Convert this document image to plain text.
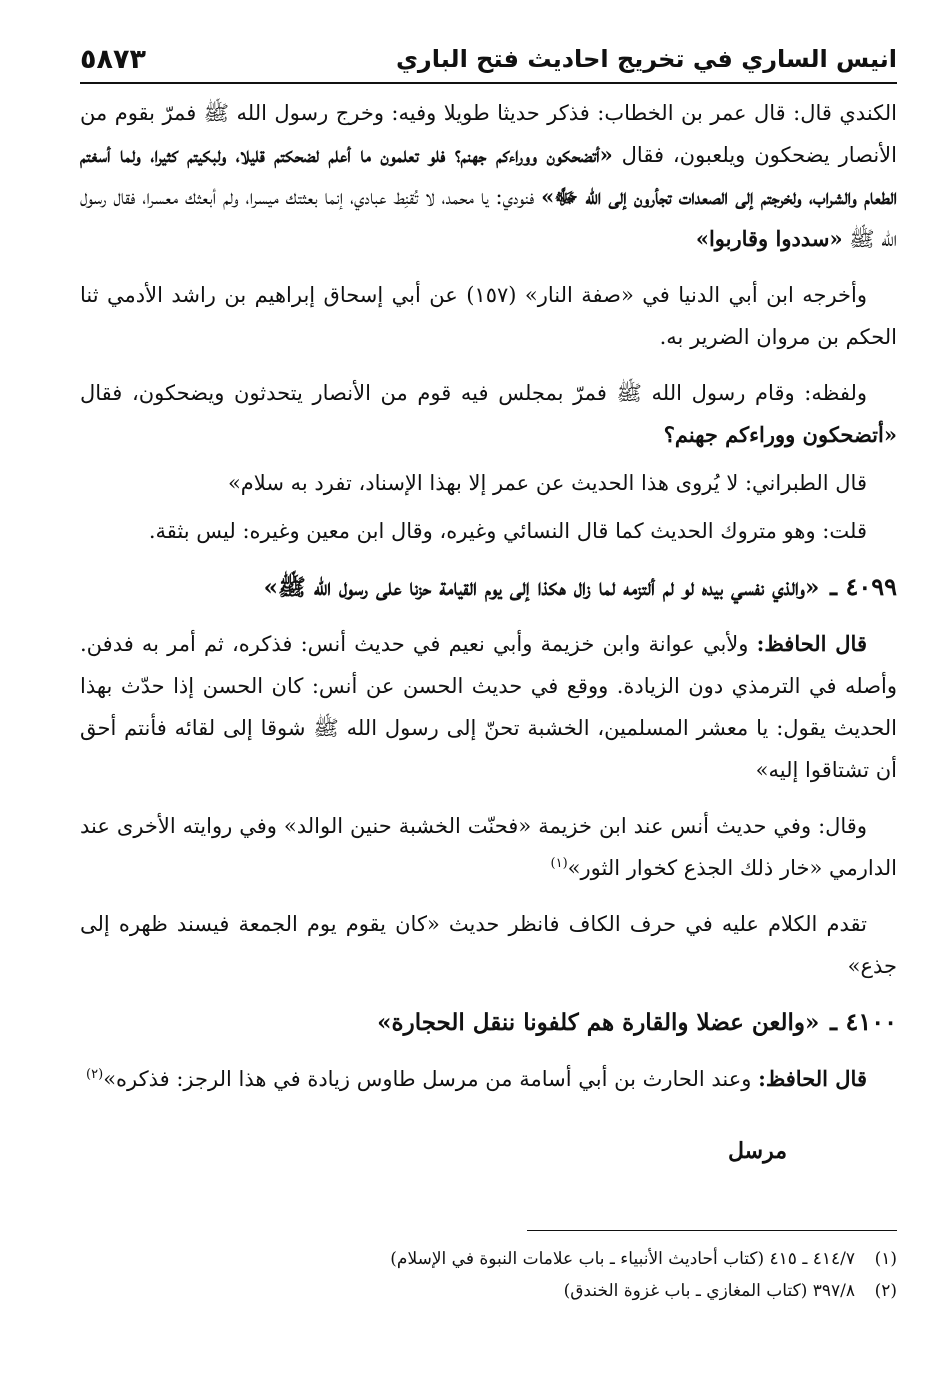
انيس الساري في تخريج احاديث فتح الباري
٥٨٧٣

الكندي قال: قال عمر بن الخطاب: فذكر حديثا طويلا وفيه: وخرج رسول الله ﷺ فمرّ بقوم من الأنصار يضحكون ويلعبون، فقال «أتضحكون ووراءكم جهنم؟ فلو تعلمون ما أعلم لضحكتم قليلا، ولبكيتم كثيرا، ولما أسغتم الطعام والشراب، ولخرجتم إلى الصعدات تجأرون إلى الله ﷻ» فنودي: يا محمد، لا تُقنِط عبادي، إنما بعثتك ميسرا، ولم أبعثك معسرا، فقال رسول الله ﷺ «سددوا وقاربوا»

وأخرجه ابن أبي الدنيا في «صفة النار» (١٥٧) عن أبي إسحاق إبراهيم بن راشد الأدمي ثنا الحكم بن مروان الضرير به.

ولفظه: وقام رسول الله ﷺ فمرّ بمجلس فيه قوم من الأنصار يتحدثون ويضحكون، فقال «أتضحكون ووراءكم جهنم؟

قال الطبراني: لا يُروى هذا الحديث عن عمر إلا بهذا الإسناد، تفرد به سلام»

قلت: وهو متروك الحديث كما قال النسائي وغيره، وقال ابن معين وغيره: ليس بثقة.

٤٠٩٩ ـ «والذي نفسي بيده لو لم ألتزمه لما زال هكذا إلى يوم القيامة حزنا على رسول الله ﷺ»

قال الحافظ: ولأبي عوانة وابن خزيمة وأبي نعيم في حديث أنس: فذكره، ثم أمر به فدفن. وأصله في الترمذي دون الزيادة. ووقع في حديث الحسن عن أنس: كان الحسن إذا حدّث بهذا الحديث يقول: يا معشر المسلمين، الخشبة تحنّ إلى رسول الله ﷺ شوقا إلى لقائه فأنتم أحق أن تشتاقوا إليه»

وقال: وفي حديث أنس عند ابن خزيمة «فحنّت الخشبة حنين الوالد» وفي روايته الأخرى عند الدارمي «خار ذلك الجذع كخوار الثور»$^{(١)}$

تقدم الكلام عليه في حرف الكاف فانظر حديث «كان يقوم يوم الجمعة فيسند ظهره إلى جذع»

٤١٠٠ ـ «والعن عضلا والقارة هم كلفونا ننقل الحجارة»

قال الحافظ: وعند الحارث بن أبي أسامة من مرسل طاوس زيادة في هذا الرجز: فذكره»$^{(٢)}$

مرسل
(١)٤١٤/٧ ـ ٤١٥ (كتاب أحاديث الأنبياء ـ باب علامات النبوة في الإسلام)
(٢)٣٩٧/٨ (كتاب المغازي ـ باب غزوة الخندق)
